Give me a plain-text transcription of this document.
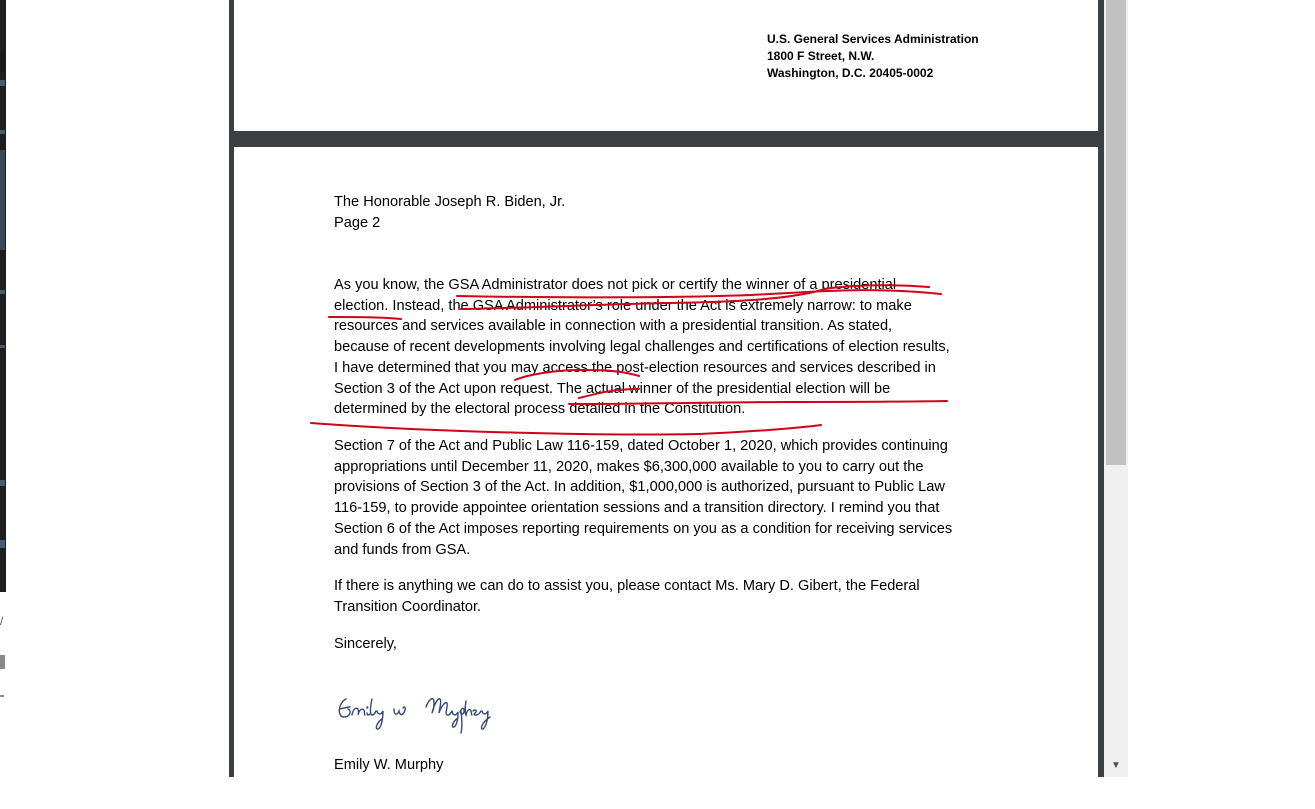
/
U.S. General Services Administration
1800 F Street, N.W.
Washington, D.C. 20405-0002
The Honorable Joseph R. Biden, Jr.
Page 2
As you know, the GSA Administrator does not pick or certify the winner of a presidential
election. Instead, the GSA Administrator’s role under the Act is extremely narrow: to make
resources and services available in connection with a presidential transition. As stated,
because of recent developments involving legal challenges and certifications of election results,
I have determined that you may access the post-election resources and services described in
Section 3 of the Act upon request. The actual winner of the presidential election will be
determined by the electoral process detailed in the Constitution.
Section 7 of the Act and Public Law 116-159, dated October 1, 2020, which provides continuing
appropriations until December 11, 2020, makes $6,300,000 available to you to carry out the
provisions of Section 3 of the Act. In addition, $1,000,000 is authorized, pursuant to Public Law
116-159, to provide appointee orientation sessions and a transition directory. I remind you that
Section 6 of the Act imposes reporting requirements on you as a condition for receiving services
and funds from GSA.
If there is anything we can do to assist you, please contact Ms. Mary D. Gibert, the Federal
Transition Coordinator.
Sincerely,
Emily W. Murphy
Emily W. Murphy	▼
